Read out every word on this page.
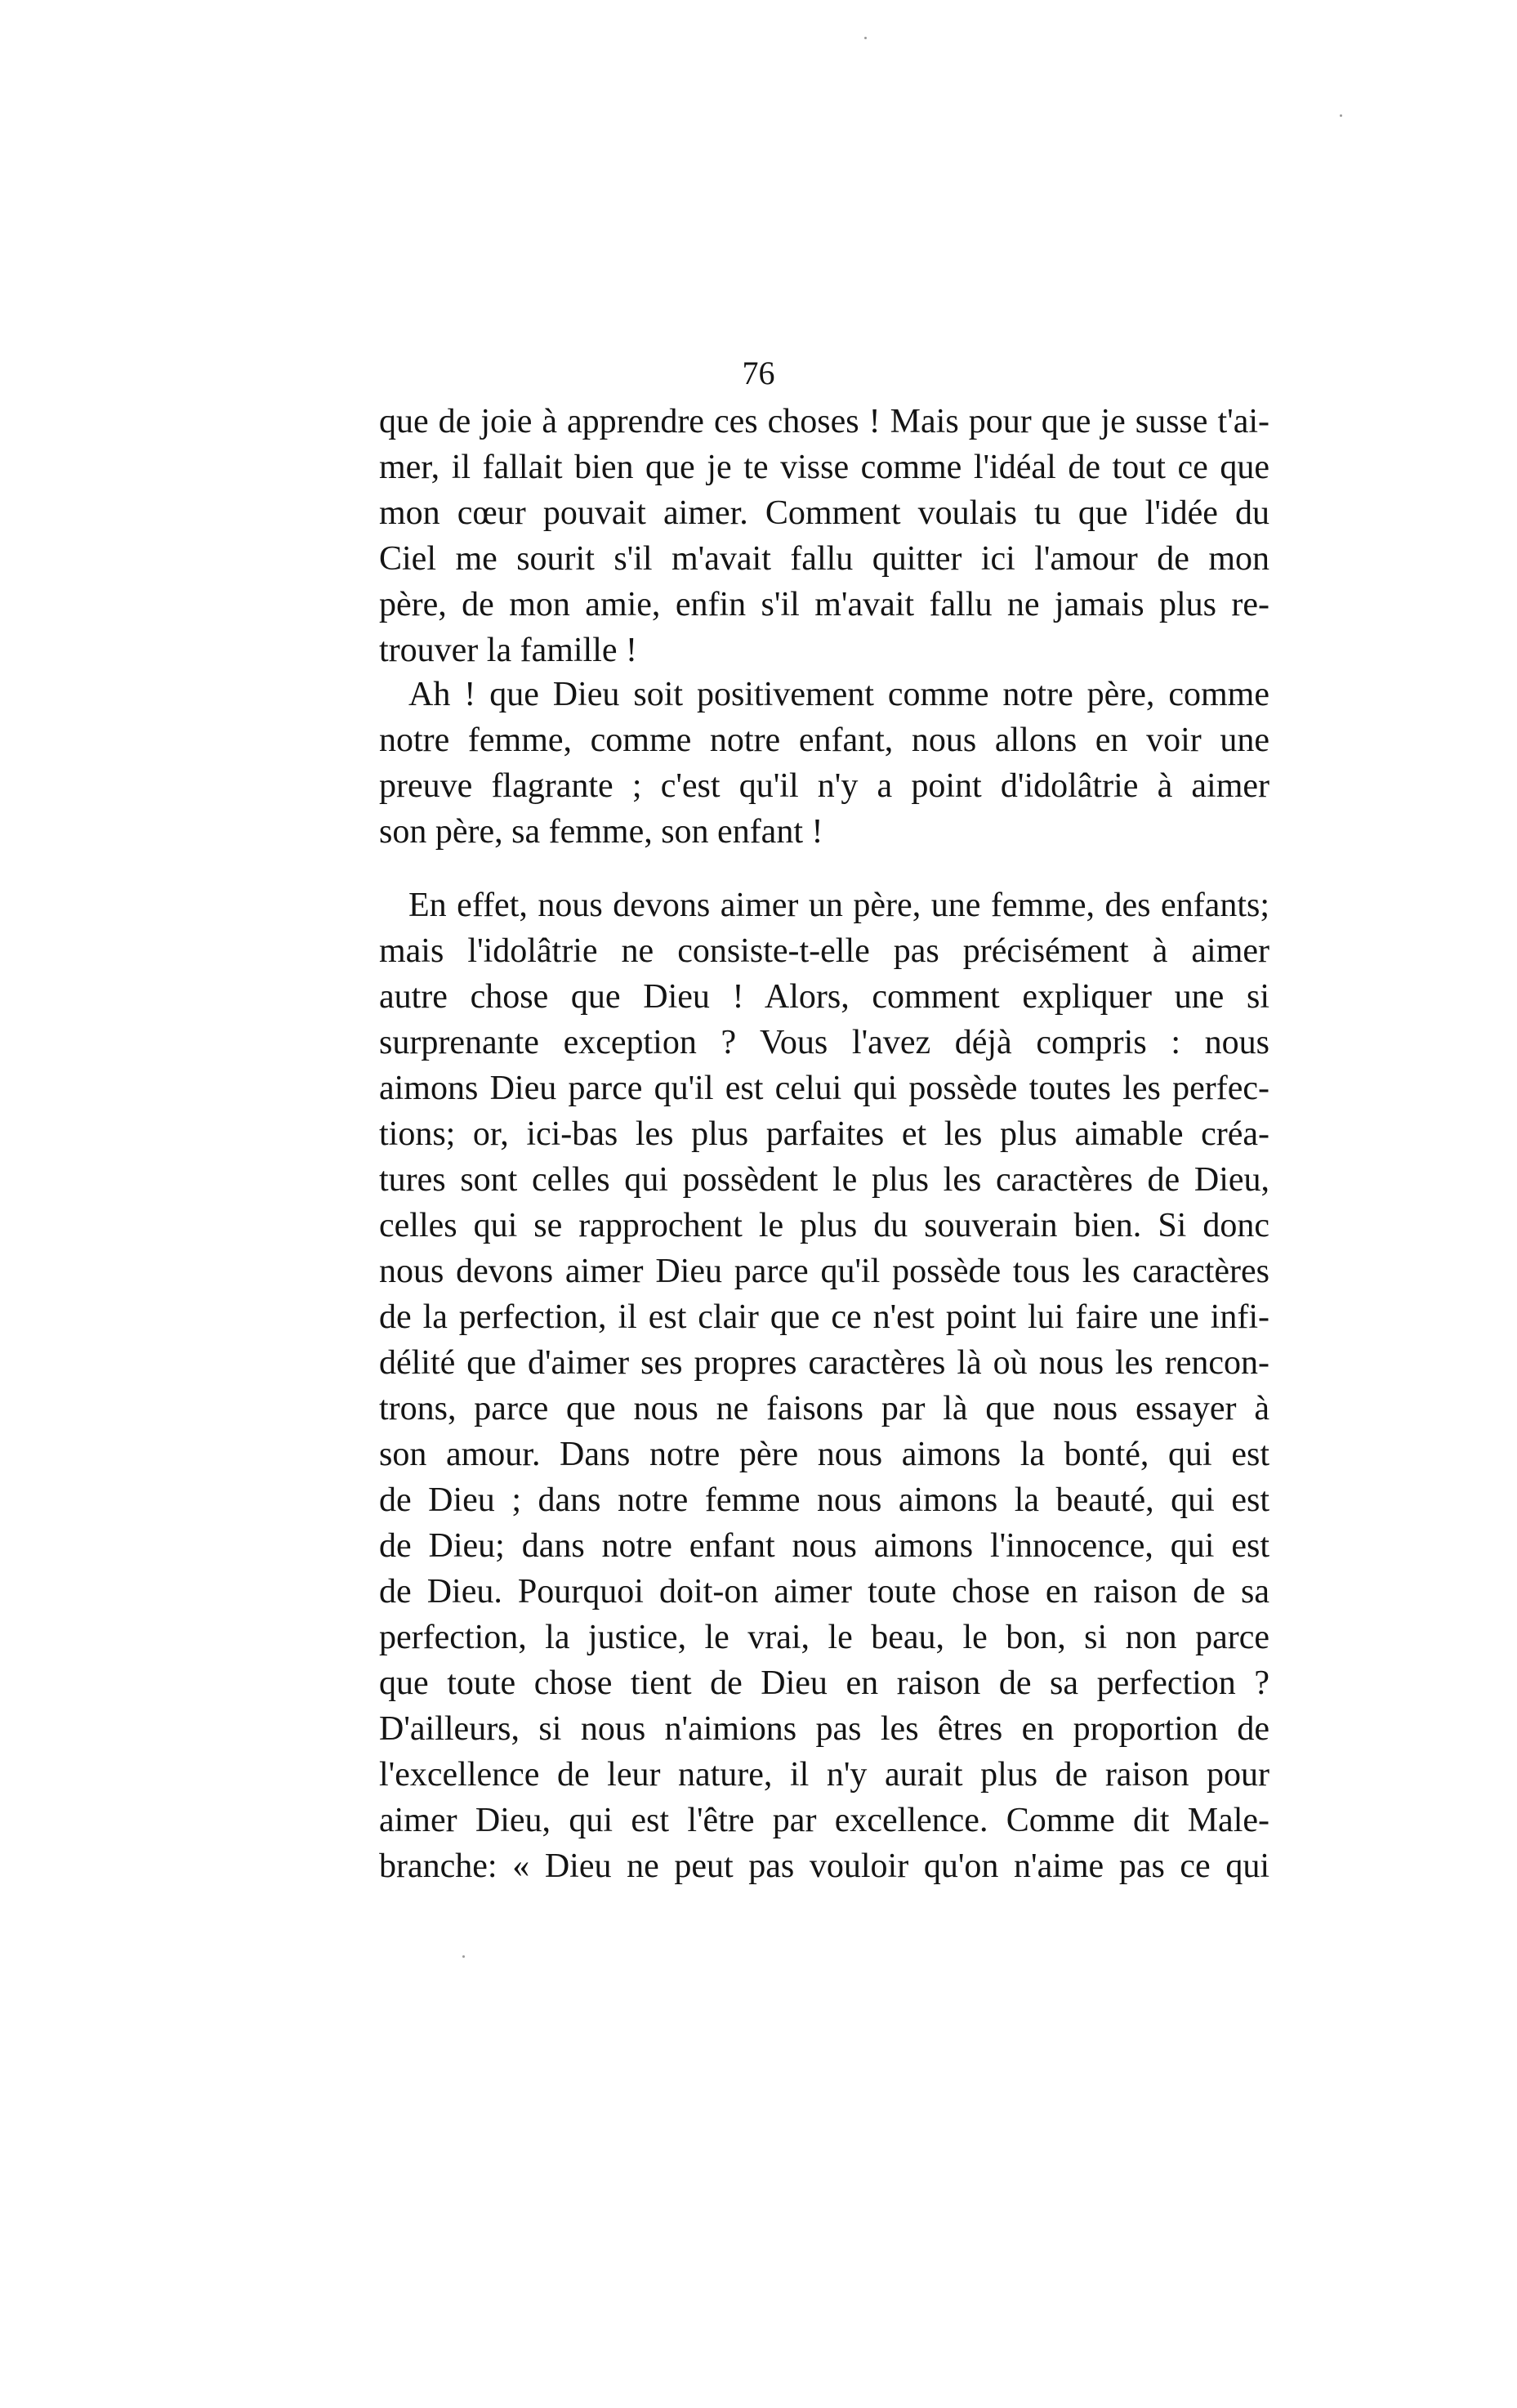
76
que de joie à apprendre ces choses ! Mais pour que je susse t'ai-
mer, il fallait bien que je te visse comme l'idéal de tout ce que
mon cœur pouvait aimer. Comment voulais tu que l'idée du
Ciel me sourit s'il m'avait fallu quitter ici l'amour de mon
père, de mon amie, enfin s'il m'avait fallu ne jamais plus re-
trouver la famille !
Ah ! que Dieu soit positivement comme notre père, comme
notre femme, comme notre enfant, nous allons en voir une
preuve flagrante ; c'est qu'il n'y a point d'idolâtrie à aimer
son père, sa femme, son enfant !
En effet, nous devons aimer un père, une femme, des enfants;
mais l'idolâtrie ne consiste-t-elle pas précisément à aimer
autre chose que Dieu ! Alors, comment expliquer une si
surprenante exception ? Vous l'avez déjà compris : nous
aimons Dieu parce qu'il est celui qui possède toutes les perfec-
tions; or, ici-bas les plus parfaites et les plus aimable créa-
tures sont celles qui possèdent le plus les caractères de Dieu,
celles qui se rapprochent le plus du souverain bien. Si donc
nous devons aimer Dieu parce qu'il possède tous les caractères
de la perfection, il est clair que ce n'est point lui faire une infi-
délité que d'aimer ses propres caractères là où nous les rencon-
trons, parce que nous ne faisons par là que nous essayer à
son amour. Dans notre père nous aimons la bonté, qui est
de Dieu ; dans notre femme nous aimons la beauté, qui est
de Dieu; dans notre enfant nous aimons l'innocence, qui est
de Dieu. Pourquoi doit-on aimer toute chose en raison de sa
perfection, la justice, le vrai, le beau, le bon, si non parce
que toute chose tient de Dieu en raison de sa perfection ?
D'ailleurs, si nous n'aimions pas les êtres en proportion de
l'excellence de leur nature, il n'y aurait plus de raison pour
aimer Dieu, qui est l'être par excellence. Comme dit Male-
branche: « Dieu ne peut pas vouloir qu'on n'aime pas ce qui
